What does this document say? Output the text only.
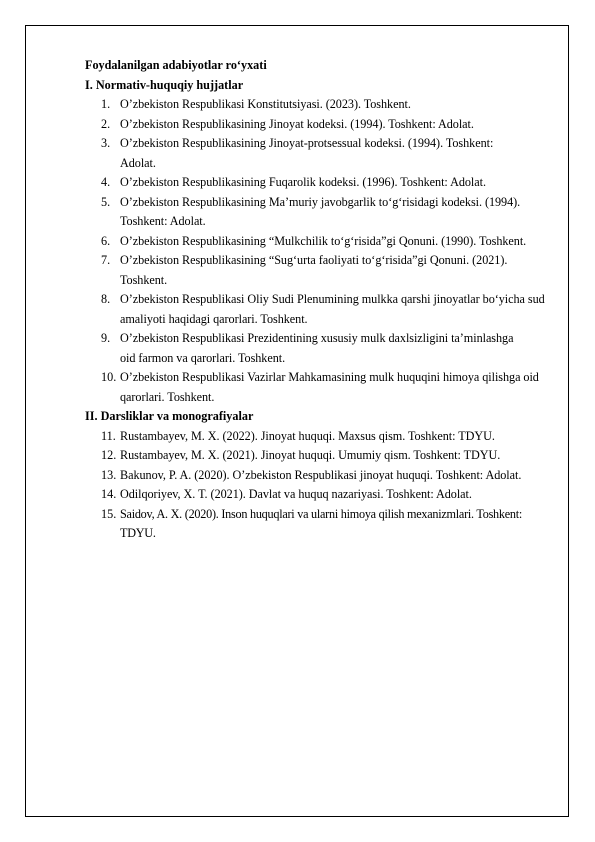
Foydalanilgan adabiyotlar ro‘yxati
I. Normativ-huquqiy hujjatlar
1. O’zbekiston Respublikasi Konstitutsiyasi. (2023). Toshkent.
2. O’zbekiston Respublikasining Jinoyat kodeksi. (1994). Toshkent: Adolat.
3. O’zbekiston Respublikasining Jinoyat-protsessual kodeksi. (1994). Toshkent: Adolat.
4. O’zbekiston Respublikasining Fuqarolik kodeksi. (1996). Toshkent: Adolat.
5. O’zbekiston Respublikasining Ma’muriy javobgarlik to‘g‘risidagi kodeksi. (1994). Toshkent: Adolat.
6. O’zbekiston Respublikasining “Mulkchilik to‘g‘risida”gi Qonuni. (1990). Toshkent.
7. O’zbekiston Respublikasining “Sug‘urta faoliyati to‘g‘risida”gi Qonuni. (2021). Toshkent.
8. O’zbekiston Respublikasi Oliy Sudi Plenumining mulkka qarshi jinoyatlar bo‘yicha sud amaliyoti haqidagi qarorlari. Toshkent.
9. O’zbekiston Respublikasi Prezidentining xususiy mulk daxlsizligini ta’minlashga oid farmon va qarorlari. Toshkent.
10. O’zbekiston Respublikasi Vazirlar Mahkamasining mulk huquqini himoya qilishga oid qarorlari. Toshkent.
II. Darsliklar va monografiyalar
11. Rustambayev, M. X. (2022). Jinoyat huquqi. Maxsus qism. Toshkent: TDYU.
12. Rustambayev, M. X. (2021). Jinoyat huquqi. Umumiy qism. Toshkent: TDYU.
13. Bakunov, P. A. (2020). O’zbekiston Respublikasi jinoyat huquqi. Toshkent: Adolat.
14. Odilqoriyev, X. T. (2021). Davlat va huquq nazariyasi. Toshkent: Adolat.
15. Saidov, A. X. (2020). Inson huquqlari va ularni himoya qilish mexanizmlari. Toshkent: TDYU.
